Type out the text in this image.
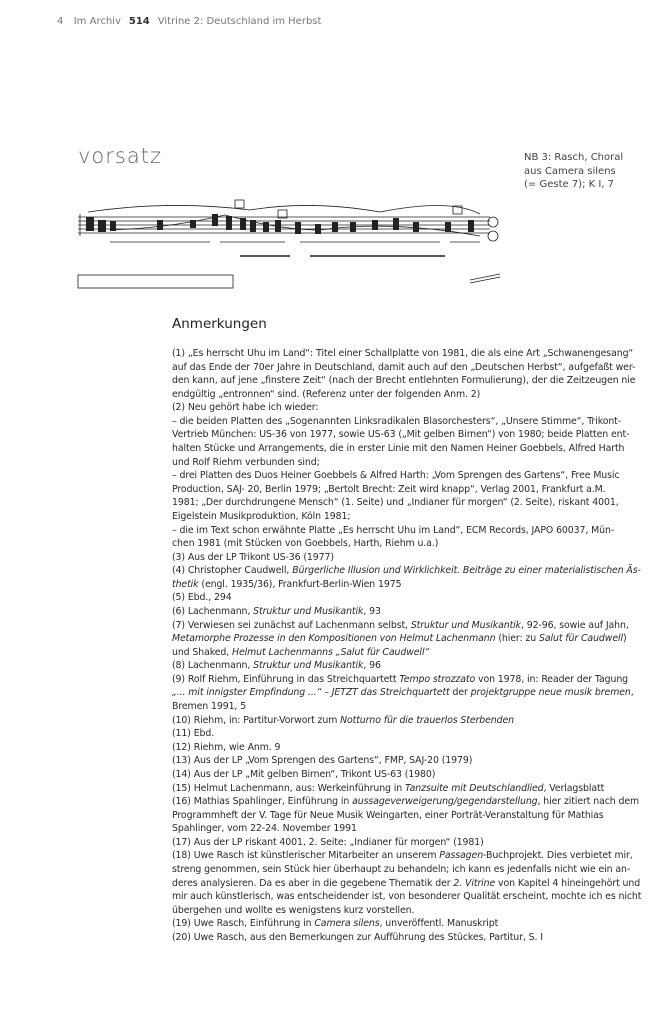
4 Im Archiv 514 Vitrine 2: Deutschland im Herbst
vorsatz	NB 3: Rasch, Choral
aus Camera silens
(= Geste 7); K I, 7
Anmerkungen
(1) „Es herrscht Uhu im Land“: Titel einer Schallplatte von 1981, die als eine Art „Schwanengesang“
auf das Ende der 70er Jahre in Deutschland, damit auch auf den „Deutschen Herbst“, aufgefaßt wer-
den kann, auf jene „finstere Zeit“ (nach der Brecht entlehnten Formulierung), der die Zeitzeugen nie
endgültig „entronnen“ sind. (Referenz unter der folgenden Anm. 2)
(2) Neu gehört habe ich wieder:
– die beiden Platten des „Sogenannten Linksradikalen Blasorchesters“, „Unsere Stimme“, Trikont-
Vertrieb München: US-36 von 1977, sowie US-63 („Mit gelben Birnen“) von 1980; beide Platten ent-
halten Stücke und Arrangements, die in erster Linie mit den Namen Heiner Goebbels, Alfred Harth
und Rolf Riehm verbunden sind;
– drei Platten des Duos Heiner Goebbels & Alfred Harth: „Vom Sprengen des Gartens“, Free Music
Production, SAJ- 20, Berlin 1979; „Bertolt Brecht: Zeit wird knapp“, Verlag 2001, Frankfurt a.M.
1981; „Der durchdrungene Mensch“ (1. Seite) und „Indianer für morgen“ (2. Seite), riskant 4001,
Eigelstein Musikproduktion, Köln 1981;
– die im Text schon erwähnte Platte „Es herrscht Uhu im Land“, ECM Records, JAPO 60037, Mün-
chen 1981 (mit Stücken von Goebbels, Harth, Riehm u.a.)
(3) Aus der LP Trikont US-36 (1977)
(4) Christopher Caudwell, Bürgerliche Illusion und Wirklichkeit. Beiträge zu einer materialistischen Äs-
thetik (engl. 1935/36), Frankfurt-Berlin-Wien 1975
(5) Ebd., 294
(6) Lachenmann, Struktur und Musikantik, 93
(7) Verwiesen sei zunächst auf Lachenmann selbst, Struktur und Musikantik, 92-96, sowie auf Jahn,
Metamorphe Prozesse in den Kompositionen von Helmut Lachenmann (hier: zu Salut für Caudwell)
und Shaked, Helmut Lachenmanns „Salut für Caudwell“
(8) Lachenmann, Struktur und Musikantik, 96
(9) Rolf Riehm, Einführung in das Streichquartett Tempo strozzato von 1978, in: Reader der Tagung
„... mit innigster Empfindung ...“ – JETZT das Streichquartett der projektgruppe neue musik bremen,
Bremen 1991, 5
(10) Riehm, in: Partitur-Vorwort zum Notturno für die trauerlos Sterbenden
(11) Ebd.
(12) Riehm, wie Anm. 9
(13) Aus der LP „Vom Sprengen des Gartens“, FMP, SAJ-20 (1979)
(14) Aus der LP „Mit gelben Birnen“, Trikont US-63 (1980)
(15) Helmut Lachenmann, aus: Werkeinführung in Tanzsuite mit Deutschlandlied, Verlagsblatt
(16) Mathias Spahlinger, Einführung in aussageverweigerung/gegendarstellung, hier zitiert nach dem
Programmheft der V. Tage für Neue Musik Weingarten, einer Porträt-Veranstaltung für Mathias
Spahlinger, vom 22-24. November 1991
(17) Aus der LP riskant 4001, 2. Seite: „Indianer für morgen“ (1981)
(18) Uwe Rasch ist künstlerischer Mitarbeiter an unserem Passagen-Buchprojekt. Dies verbietet mir,
streng genommen, sein Stück hier überhaupt zu behandeln; ich kann es jedenfalls nicht wie ein an-
deres analysieren. Da es aber in die gegebene Thematik der 2. Vitrine von Kapitel 4 hineingehört und
mir auch künstlerisch, was entscheidender ist, von besonderer Qualität erscheint, mochte ich es nicht
übergehen und wollte es wenigstens kurz vorstellen.
(19) Uwe Rasch, Einführung in Camera silens, unveröffentl. Manuskript
(20) Uwe Rasch, aus den Bemerkungen zur Aufführung des Stückes, Partitur, S. I
